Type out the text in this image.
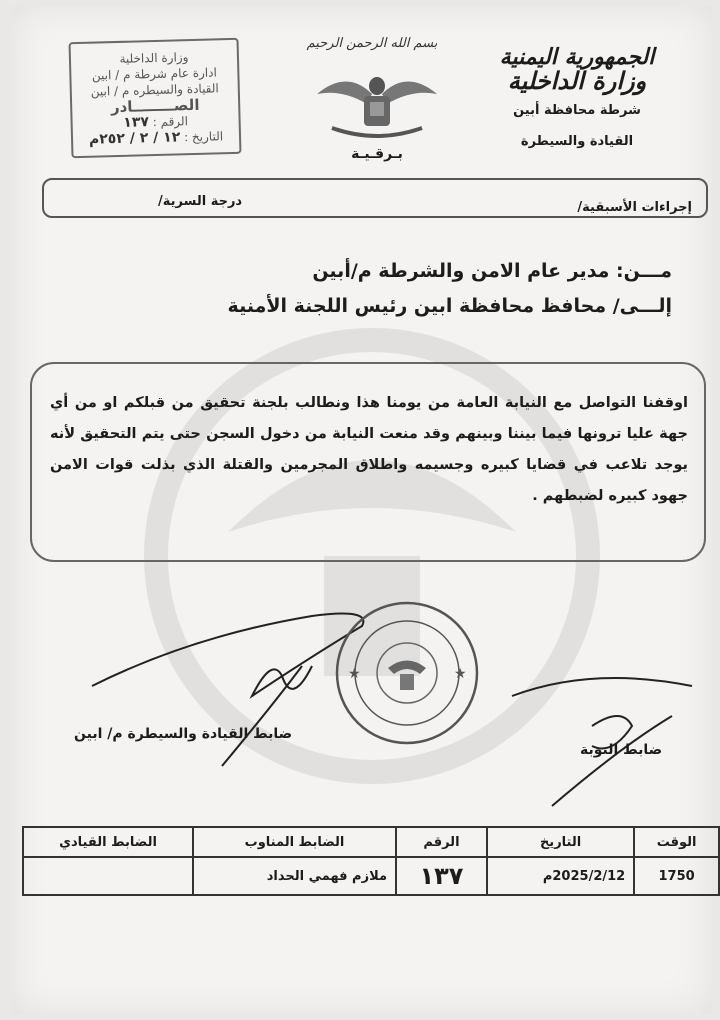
وزارة الداخلية
ادارة عام شرطة م / ابين
القيادة والسيطره م / ابين
الصــــــــادر
الرقم : ١٣٧
التاريخ : ١٢ / ٢ / ٢٥٢م
بسم الله الرحمن الرحيم
بـرقـيـة
الجمهورية اليمنية
وزارة الداخلية
شرطة محافظة أبين
القيادة والسيطرة
إجراءات الأسبقية/
درجة السرية/
مـــن: مدير عام الامن والشرطة م/أبين
إلـــى/ محافظ محافظة ابين رئيس اللجنة الأمنية
اوقفنا التواصل مع النيابة العامة من يومنا هذا ونطالب بلجنة تحقيق من قبلكم او من أي جهة عليا ترونها فيما بيننا وبينهم وقد منعت النيابة من دخول السجن حتى يتم التحقيق لأنه يوجد تلاعب في قضايا كبيره وجسيمه واطلاق المجرمين والقتلة الذي بذلت قوات الامن جهود كبيره لضبطهم .
ضابط القيادة والسيطرة م/ ابين
★	★
ضابط النوبة
الوقت	التاريخ	الرقم	الضابط المناوب	الضابط القيادي
1750	2025/2/12م	١٣٧	ملازم فهمي الحداد	
